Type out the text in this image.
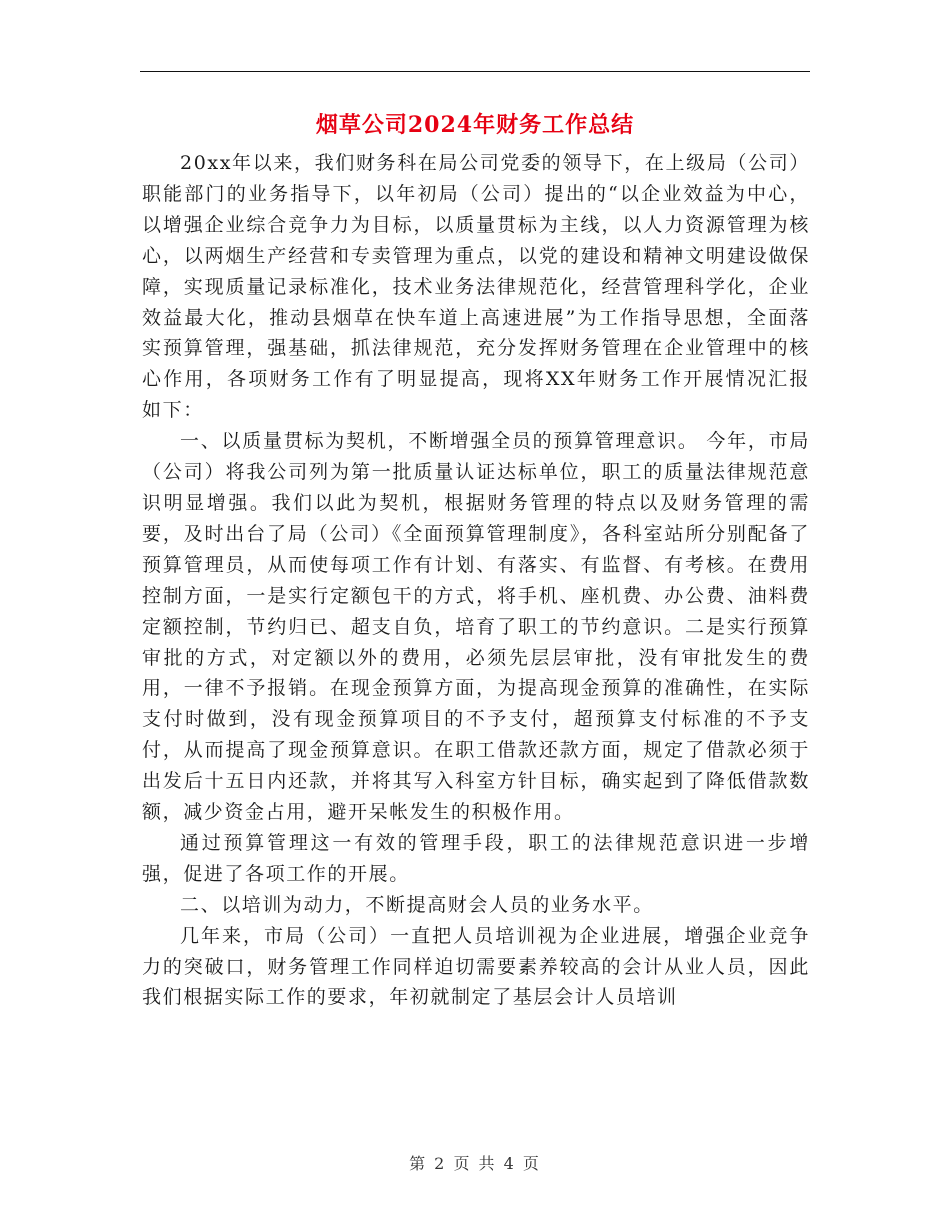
烟草公司2024年财务工作总结

20xx年以来，我们财务科在局公司党委的领导下，在上级局（公司）职能部门的业务指导下，以年初局（公司）提出的“以企业效益为中心，以增强企业综合竞争力为目标，以质量贯标为主线，以人力资源管理为核心，以两烟生产经营和专卖管理为重点，以党的建设和精神文明建设做保障，实现质量记录标准化，技术业务法律规范化，经营管理科学化，企业效益最大化，推动县烟草在快车道上高速进展”为工作指导思想，全面落实预算管理，强基础，抓法律规范，充分发挥财务管理在企业管理中的核心作用，各项财务工作有了明显提高，现将XX年财务工作开展情况汇报如下：

一、以质量贯标为契机，不断增强全员的预算管理意识。 今年，市局（公司）将我公司列为第一批质量认证达标单位，职工的质量法律规范意识明显增强。我们以此为契机，根据财务管理的特点以及财务管理的需要，及时出台了局（公司）《全面预算管理制度》，各科室站所分别配备了预算管理员，从而使每项工作有计划、有落实、有监督、有考核。在费用控制方面，一是实行定额包干的方式，将手机、座机费、办公费、油料费定额控制，节约归已、超支自负，培育了职工的节约意识。二是实行预算审批的方式，对定额以外的费用，必须先层层审批，没有审批发生的费用，一律不予报销。在现金预算方面，为提高现金预算的准确性，在实际支付时做到，没有现金预算项目的不予支付，超预算支付标准的不予支付，从而提高了现金预算意识。在职工借款还款方面，规定了借款必须于出发后十五日内还款，并将其写入科室方针目标，确实起到了降低借款数额，减少资金占用，避开呆帐发生的积极作用。

通过预算管理这一有效的管理手段，职工的法律规范意识进一步增强，促进了各项工作的开展。

二、以培训为动力，不断提高财会人员的业务水平。

几年来，市局（公司）一直把人员培训视为企业进展，增强企业竞争力的突破口，财务管理工作同样迫切需要素养较高的会计从业人员，因此我们根据实际工作的要求，年初就制定了基层会计人员培训

第 2 页 共 4 页
